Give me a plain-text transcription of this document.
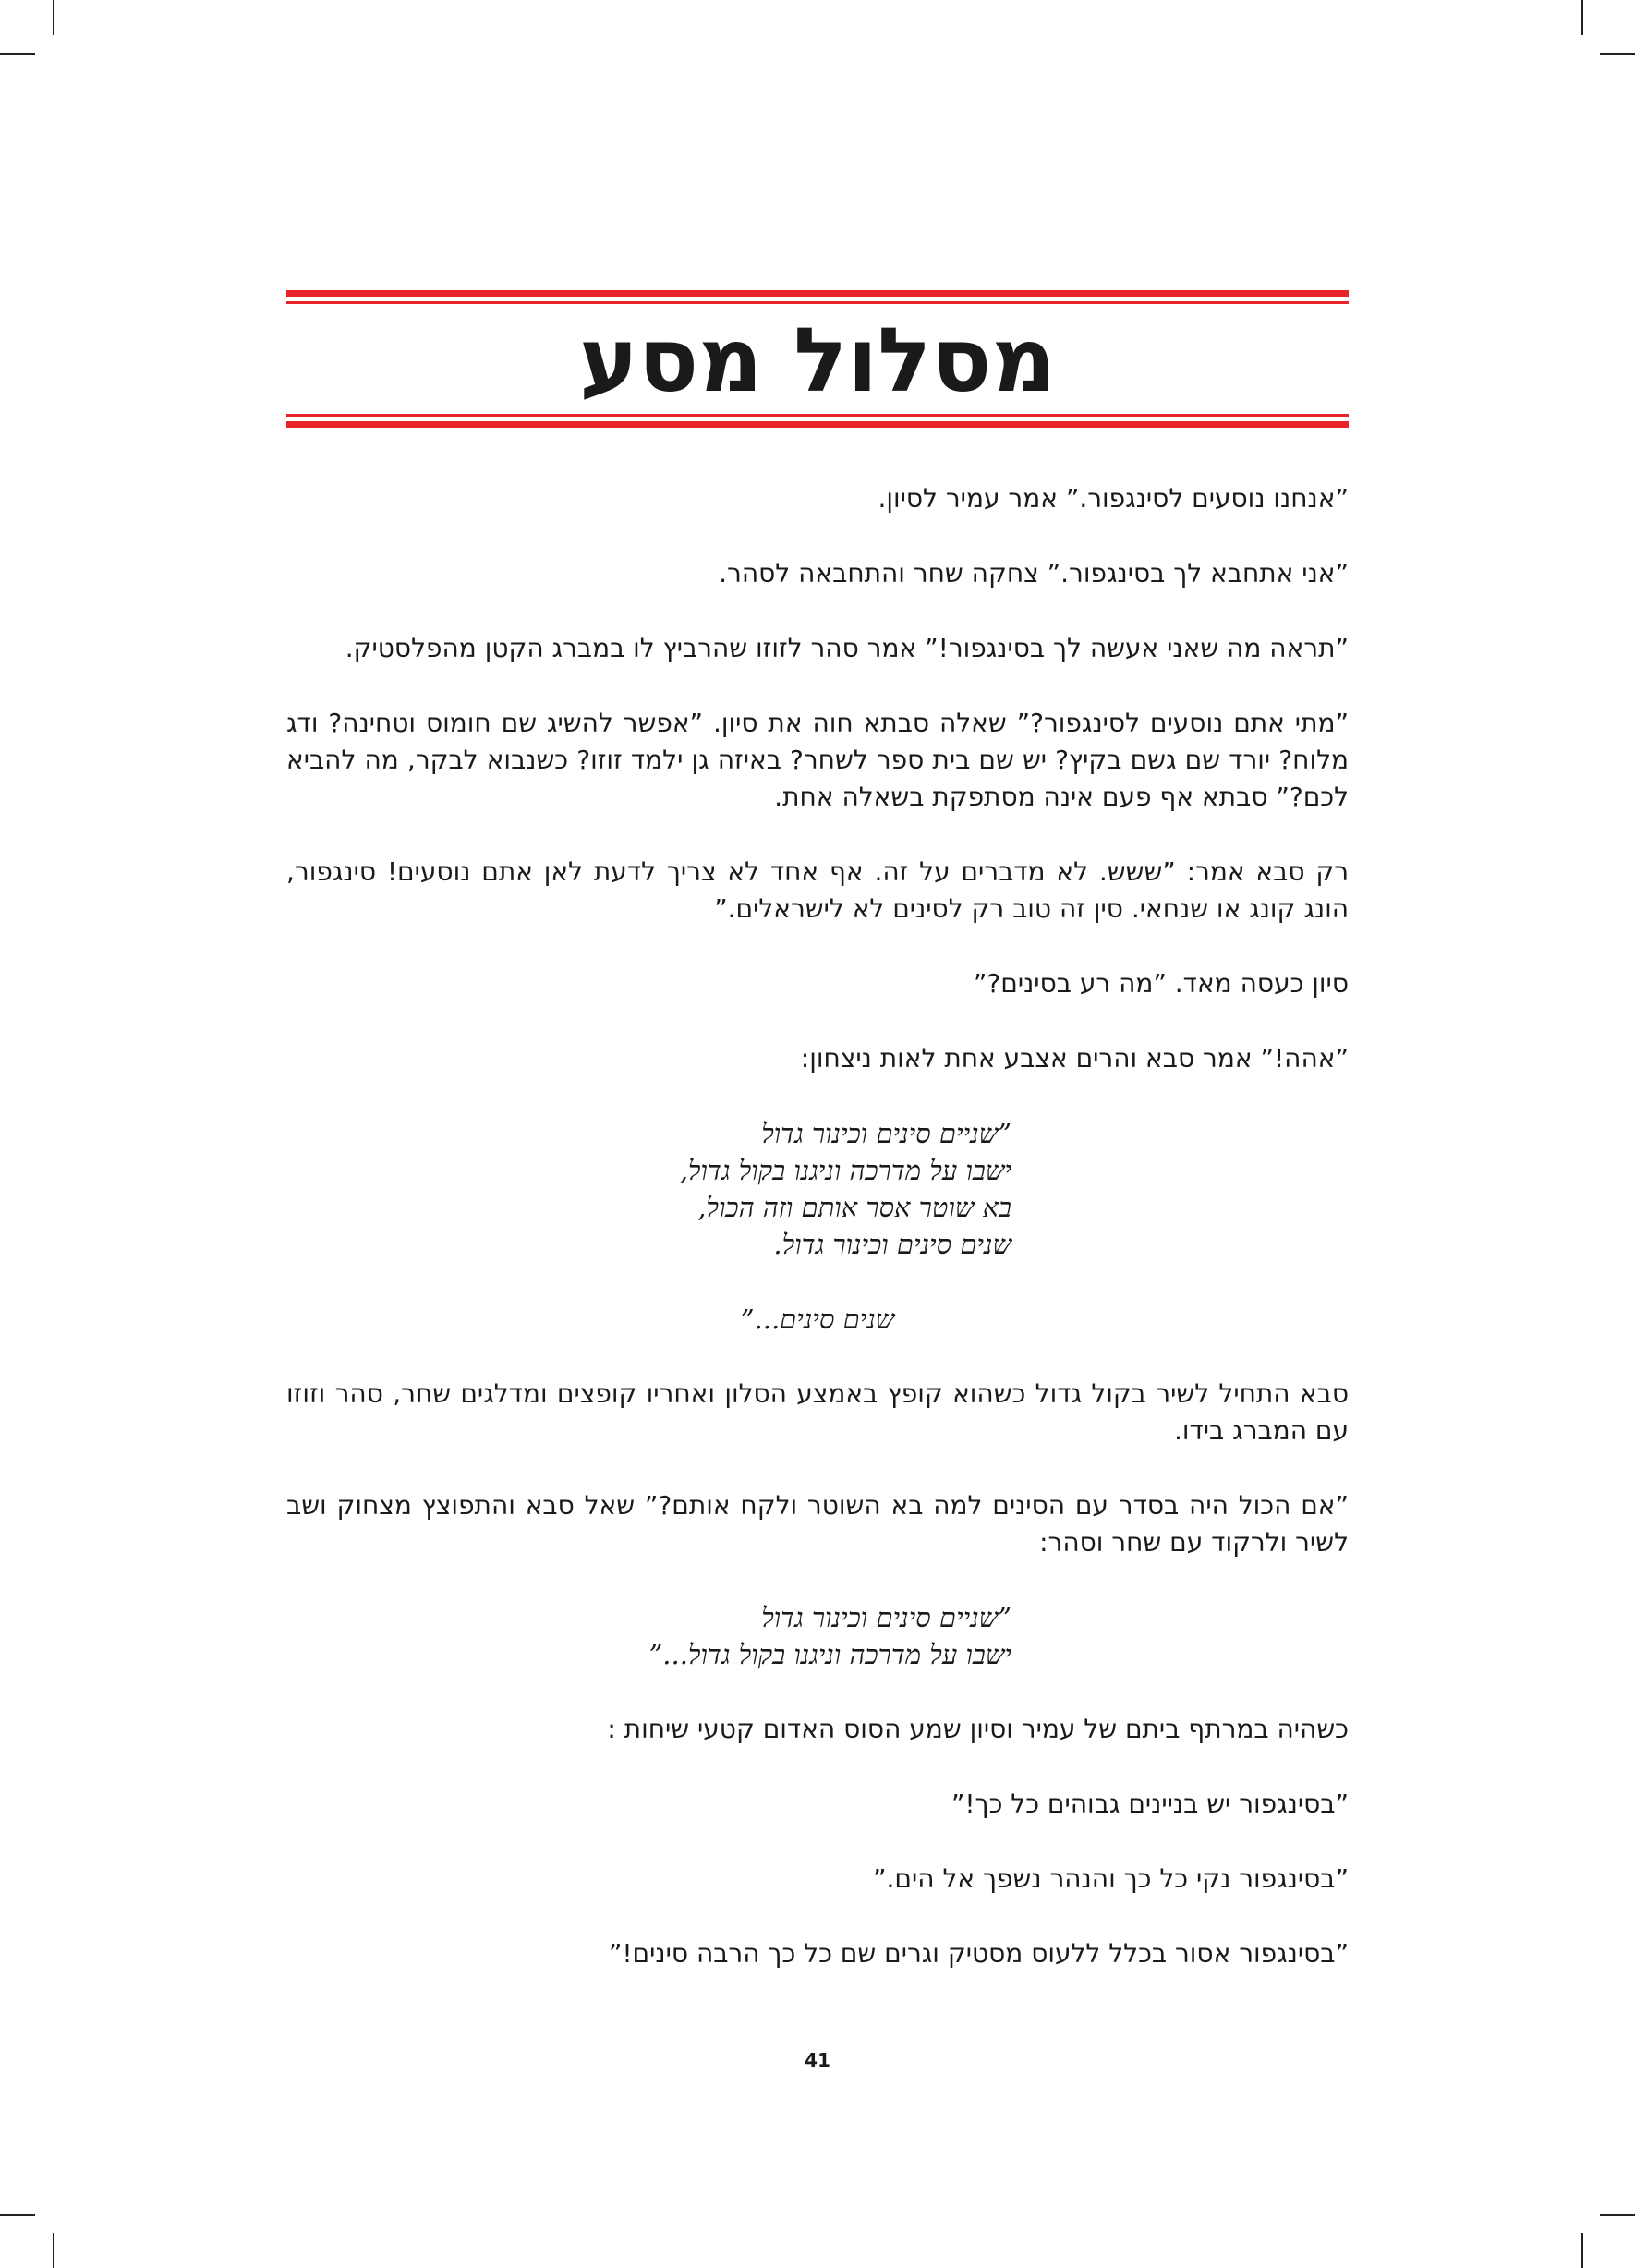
מסלול מסע

”אנחנו נוסעים לסינגפור.” אמר עמיר לסיון.

”אני אתחבא לך בסינגפור.” צחקה שחר והתחבאה לסהר.

”תראה מה שאני אעשה לך בסינגפור!” אמר סהר לזוזו שהרביץ לו במברג הקטן מהפלסטיק.

”מתי אתם נוסעים לסינגפור?” שאלה סבתא חוה את סיון. ”אפשר להשיג שם חומוס וטחינה? ודג מלוח? יורד שם גשם בקיץ? יש שם בית ספר לשחר? באיזה גן ילמד זוזו? כשנבוא לבקר, מה להביא לכם?” סבתא אף פעם אינה מסתפקת בשאלה אחת.

רק סבא אמר: ”ששש. לא מדברים על זה. אף אחד לא צריך לדעת לאן אתם נוסעים! סינגפור, הונג קונג או שנחאי. סין זה טוב רק לסינים לא לישראלים.”

סיון כעסה מאד. ”מה רע בסינים?”

”אהה!” אמר סבא והרים אצבע אחת לאות ניצחון:

”שניים סינים וכינור גדול
ישבו על מדרכה וניגנו בקול גדול,
בא שוטר אסר אותם וזה הכול,
שנים סינים וכינור גדול.
שנים סינים...”

סבא התחיל לשיר בקול גדול כשהוא קופץ באמצע הסלון ואחריו קופצים ומדלגים שחר, סהר וזוזו עם המברג בידו.

”אם הכול היה בסדר עם הסינים למה בא השוטר ולקח אותם?” שאל סבא והתפוצץ מצחוק ושב לשיר ולרקוד עם שחר וסהר:

”שניים סינים וכינור גדול
ישבו על מדרכה וניגנו בקול גדול...”

כשהיה במרתף ביתם של עמיר וסיון שמע הסוס האדום קטעי שיחות :

”בסינגפור יש בניינים גבוהים כל כך!”

”בסינגפור נקי כל כך והנהר נשפך אל הים.”

”בסינגפור אסור בכלל ללעוס מסטיק וגרים שם כל כך הרבה סינים!”

41
